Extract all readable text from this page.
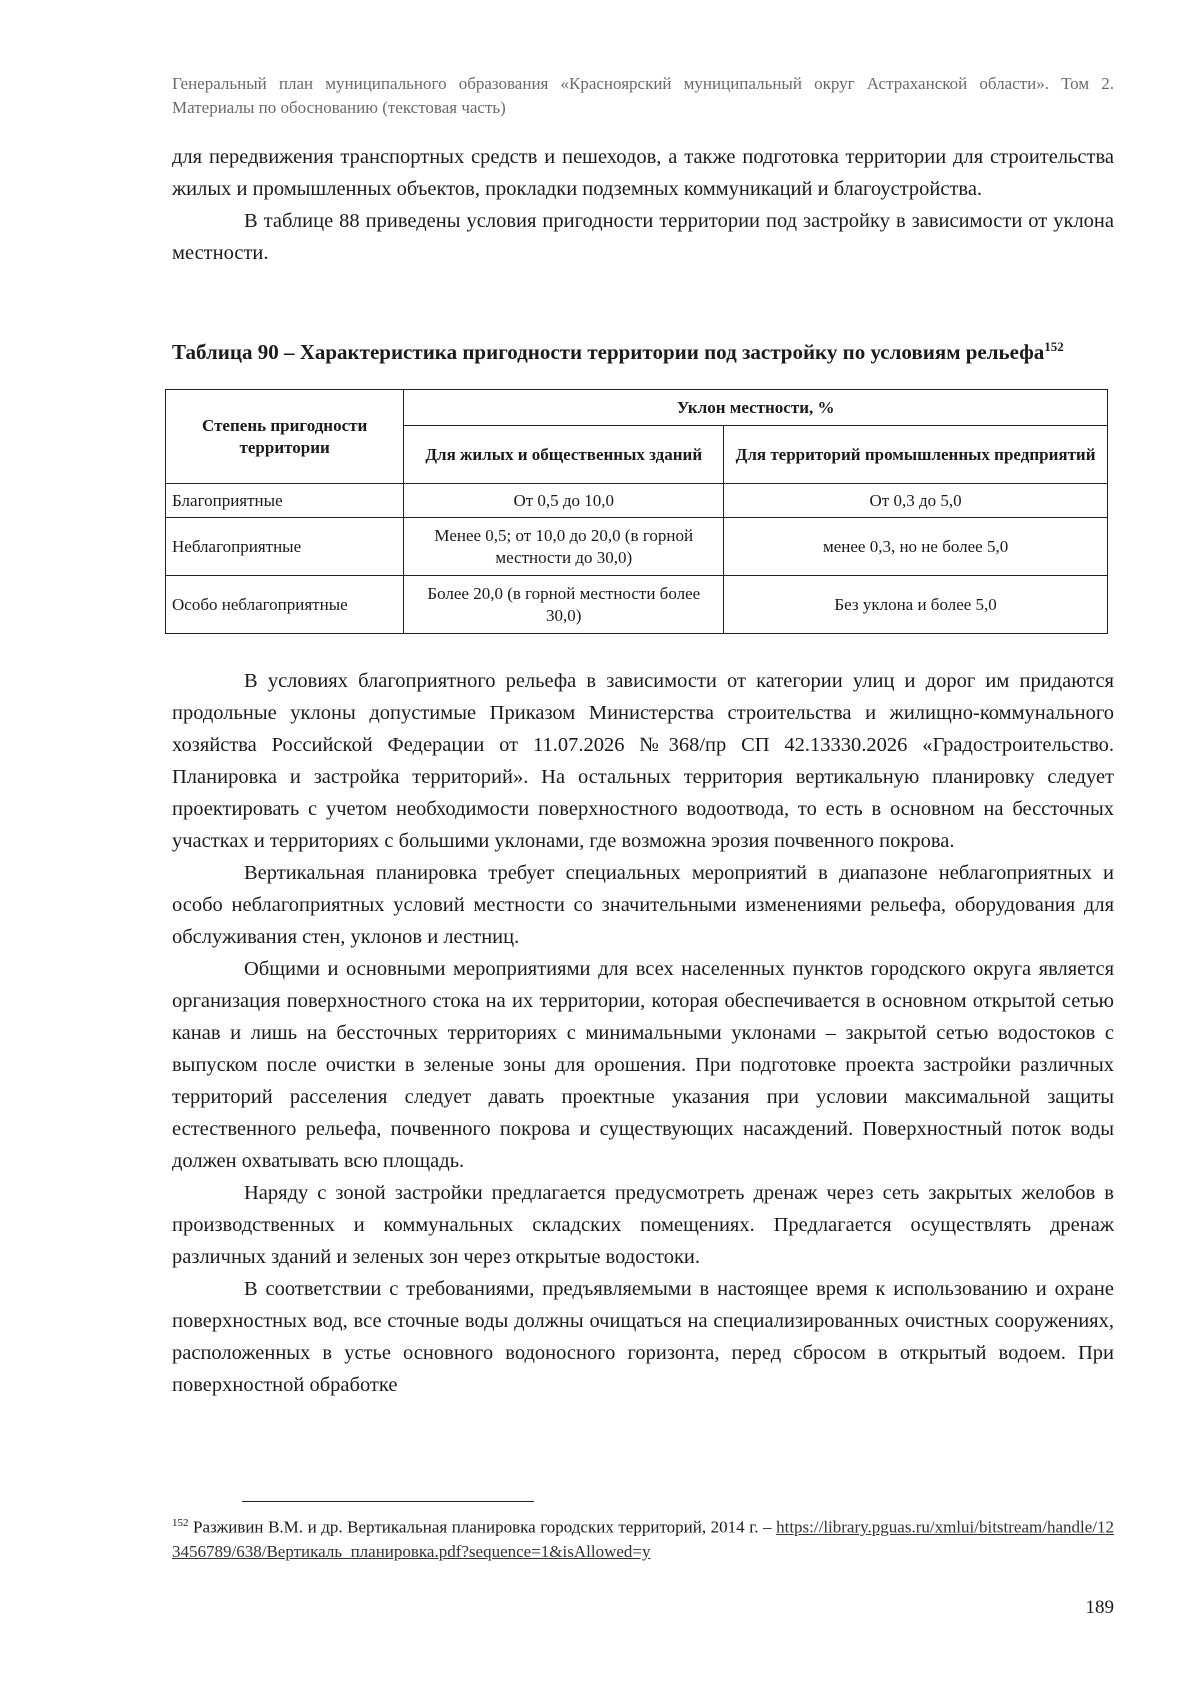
Генеральный план муниципального образования «Красноярский муниципальный округ Астраханской области». Том 2. Материалы по обоснованию (текстовая часть)

для передвижения транспортных средств и пешеходов, а также подготовка территории для строительства жилых и промышленных объектов, прокладки подземных коммуникаций и благоустройства.

В таблице 88 приведены условия пригодности территории под застройку в зависимости от уклона местности.

Таблица 90 – Характеристика пригодности территории под застройку по условиям рельефа$^{152}$
Степень пригодности территории	Уклон местности, %	
	Для жилых и общественных зданий	Для территорий промышленных предприятий
Благоприятные	От 0,5 до 10,0	От 0,3 до 5,0
Неблагоприятные	Менее 0,5; от 10,0 до 20,0 (в горной местности до 30,0)	менее 0,3, но не более 5,0
Особо неблагоприятные	Более 20,0 (в горной местности более 30,0)	Без уклона и более 5,0

В условиях благоприятного рельефа в зависимости от категории улиц и дорог им придаются продольные уклоны допустимые Приказом Министерства строительства и жилищно-коммунального хозяйства Российской Федерации от 11.07.2026 №368/пр СП 42.13330.2026 «Градостроительство. Планировка и застройка территорий». На остальных территория вертикальную планировку следует проектировать с учетом необходимости поверхностного водоотвода, то есть в основном на бессточных участках и территориях с большими уклонами, где возможна эрозия почвенного покрова.

Вертикальная планировка требует специальных мероприятий в диапазоне неблагоприятных и особо неблагоприятных условий местности со значительными изменениями рельефа, оборудования для обслуживания стен, уклонов и лестниц.

Общими и основными мероприятиями для всех населенных пунктов городского округа является организация поверхностного стока на их территории, которая обеспечивается в основном открытой сетью канав и лишь на бессточных территориях с минимальными уклонами – закрытой сетью водостоков с выпуском после очистки в зеленые зоны для орошения. При подготовке проекта застройки различных территорий расселения следует давать проектные указания при условии максимальной защиты естественного рельефа, почвенного покрова и существующих насаждений. Поверхностный поток воды должен охватывать всю площадь.

Наряду с зоной застройки предлагается предусмотреть дренаж через сеть закрытых желобов в производственных и коммунальных складских помещениях. Предлагается осуществлять дренаж различных зданий и зеленых зон через открытые водостоки.

В соответствии с требованиями, предъявляемыми в настоящее время к использованию и охране поверхностных вод, все сточные воды должны очищаться на специализированных очистных сооружениях, расположенных в устье основного водоносного горизонта, перед сбросом в открытый водоем. При поверхностной обработке

$^{152}$ Разживин В.М. и др. Вертикальная планировка городских территорий, 2014 г. – https://library.pguas.ru/xmlui/bitstream/handle/123456789/638/Вертикаль_планировка.pdf?sequence=1&isAllowed=y
189
